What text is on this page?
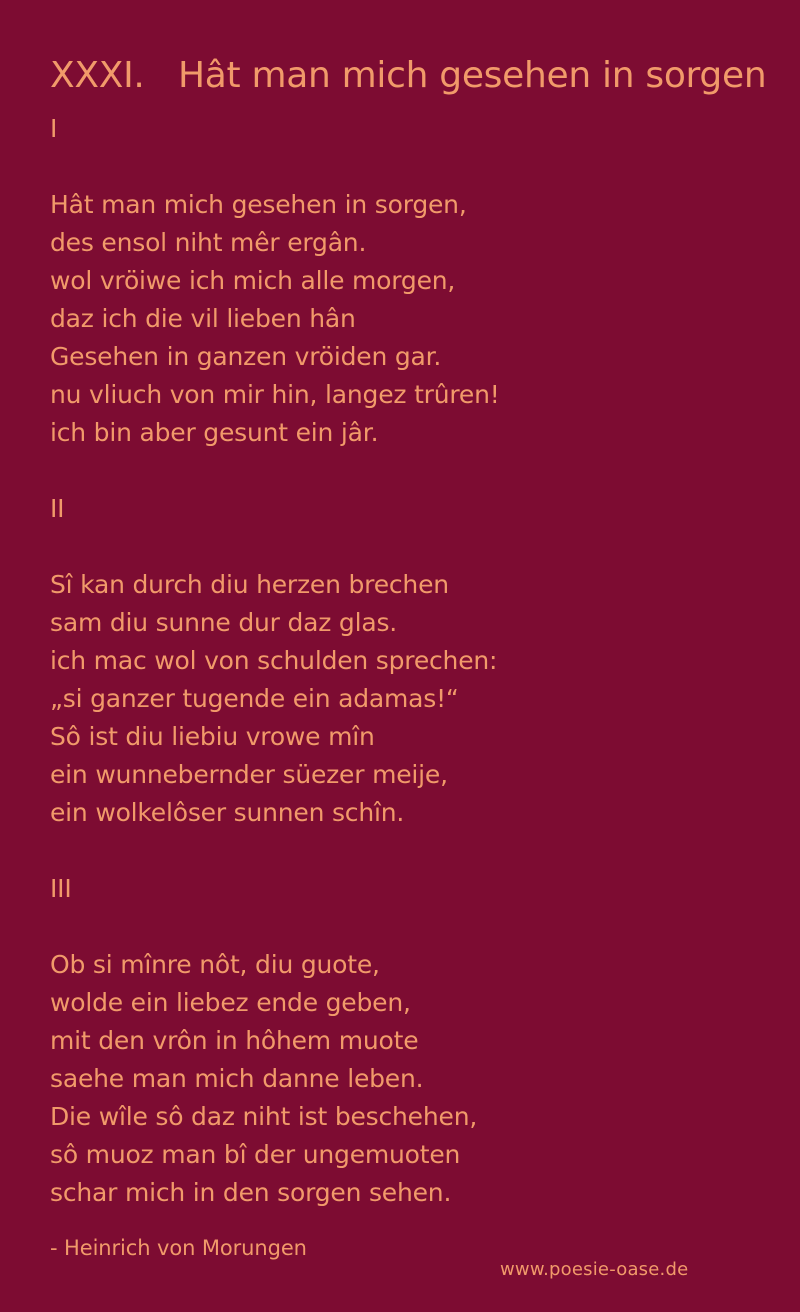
XXXI.   Hât man mich gesehen in sorgen
I
Hât man mich gesehen in sorgen,
des ensol niht mêr ergân.
wol vröiwe ich mich alle morgen,
daz ich die vil lieben hân
Gesehen in ganzen vröiden gar.
nu vliuch von mir hin, langez trûren!
ich bin aber gesunt ein jâr.
II
Sî kan durch diu herzen brechen
sam diu sunne dur daz glas.
ich mac wol von schulden sprechen:
„si ganzer tugende ein adamas!“
Sô ist diu liebiu vrowe mîn
ein wunnebernder süezer meije,
ein wolkelôser sunnen schîn.
III
Ob si mînre nôt, diu guote,
wolde ein liebez ende geben,
mit den vrôn in hôhem muote
saehe man mich danne leben.
Die wîle sô daz niht ist beschehen,
sô muoz man bî der ungemuoten
schar mich in den sorgen sehen.
- Heinrich von Morungen
www.poesie-oase.de
